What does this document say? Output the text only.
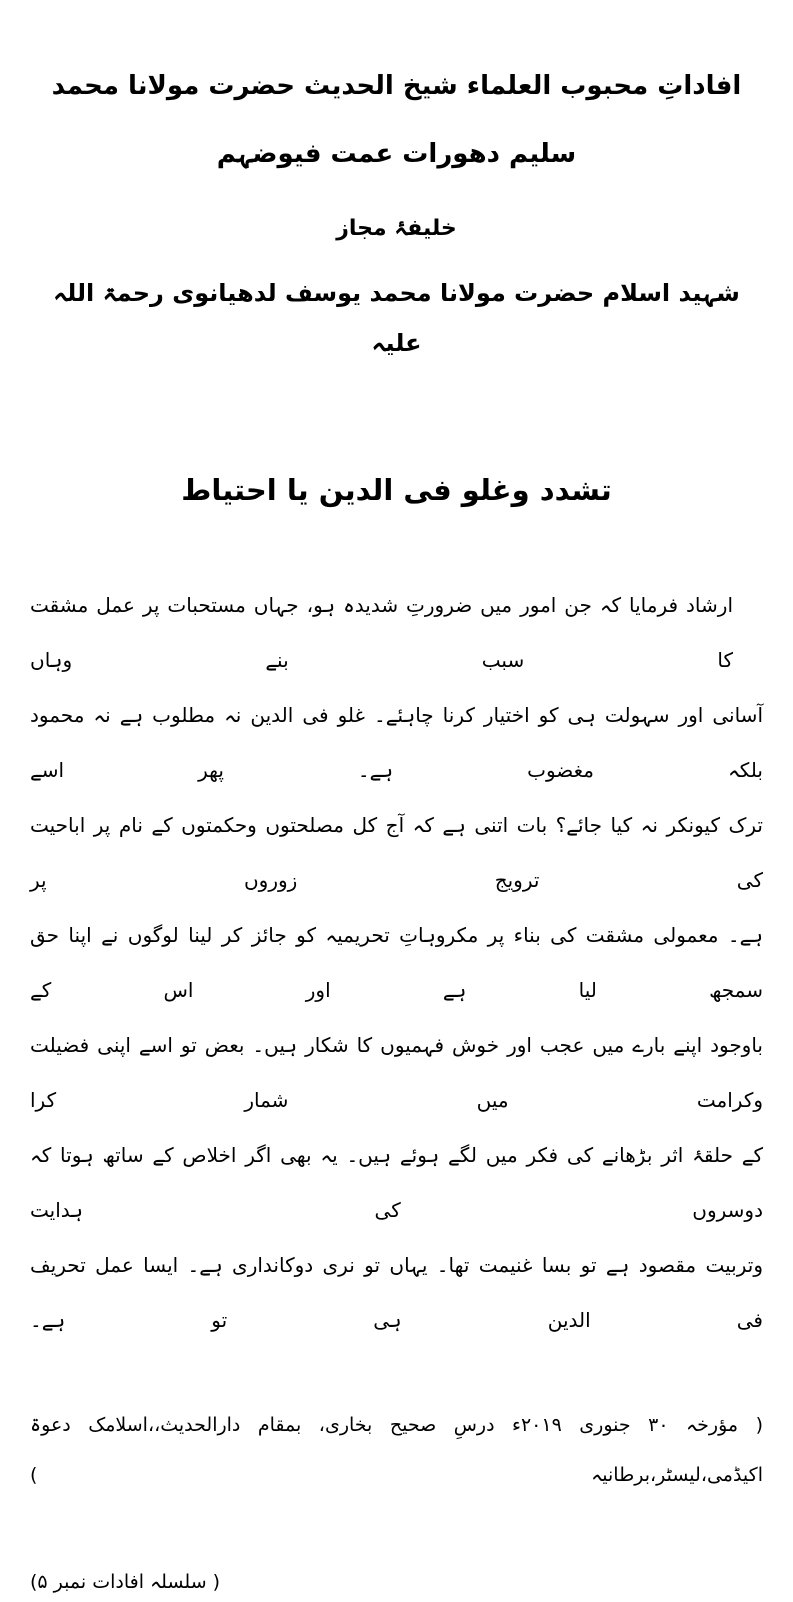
افاداتِ محبوب العلماء شیخ الحدیث حضرت مولانا محمد سلیم دھورات عمت فیوضہم
خلیفۂ مجاز
شہید اسلام حضرت مولانا محمد یوسف لدھیانوی رحمۃ اللہ علیہ
تشدد وغلو فی الدین یا احتیاط

ارشاد فرمایا کہ جن امور میں ضرورتِ شدیدہ ہو، جہاں مستحبات پر عمل مشقت کا سبب بنے وہاں

آسانی اور سہولت ہی کو اختیار کرنا چاہئے۔ غلو فی الدین نہ مطلوب ہے نہ محمود بلکہ مغضوب ہے۔ پھر اسے

ترک کیونکر نہ کیا جائے؟ بات اتنی ہے کہ آج کل مصلحتوں وحکمتوں کے نام پر اباحیت کی ترویج زوروں پر

ہے۔ معمولی مشقت کی بناء پر مکروہاتِ تحریمیہ کو جائز کر لینا لوگوں نے اپنا حق سمجھ لیا ہے اور اس کے

باوجود اپنے بارے میں عجب اور خوش فہمیوں کا شکار ہیں۔ بعض تو اسے اپنی فضیلت وکرامت میں شمار کرا

کے حلقۂ اثر بڑھانے کی فکر میں لگے ہوئے ہیں۔ یہ بھی اگر اخلاص کے ساتھ ہوتا کہ دوسروں کی ہدایت

وتربیت مقصود ہے تو بسا غنیمت تھا۔ یہاں تو نری دوکانداری ہے۔ ایسا عمل تحریف فی الدین ہی تو ہے۔

( مؤرخہ ۳۰ جنوری ۲۰۱۹ء درسِ صحیح بخاری، بمقام دارالحدیث،،اسلامک دعوۃ اکیڈمی،لیسٹر،برطانیہ )

( سلسلہ افادات نمبر ۵)
